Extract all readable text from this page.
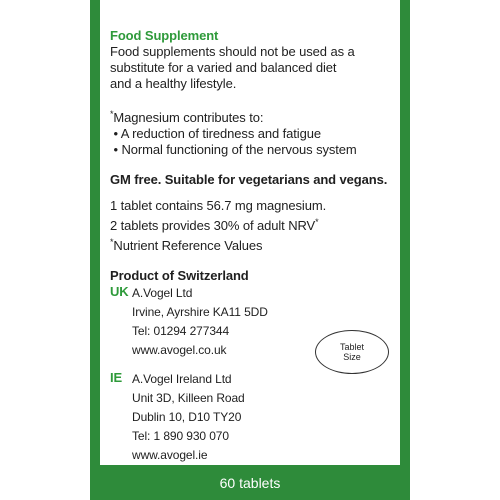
Food Supplement
Food supplements should not be used as a
substitute for a varied and balanced diet
and a healthy lifestyle.
*Magnesium contributes to:
• A reduction of tiredness and fatigue
• Normal functioning of the nervous system
GM free. Suitable for vegetarians and vegans.
1 tablet contains 56.7 mg magnesium.
2 tablets provides 30% of adult NRV*
*Nutrient Reference Values
Product of Switzerland
UK A.Vogel Ltd
Irvine, Ayrshire KA11 5DD
Tel: 01294 277344
www.avogel.co.uk
IE A.Vogel Ireland Ltd
Unit 3D, Killeen Road
Dublin 10, D10 TY20
Tel: 1 890 930 070
www.avogel.ie
Tablet
Size
60 tablets
